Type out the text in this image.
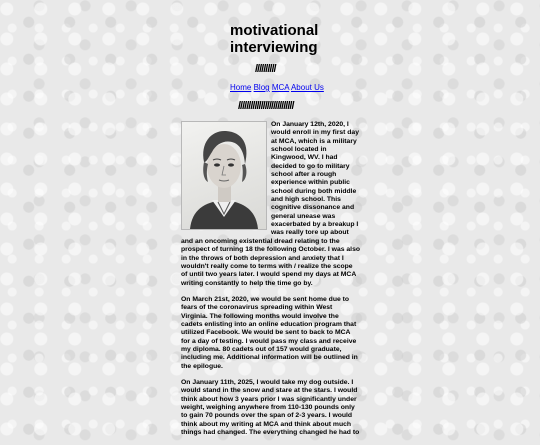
motivational interviewing
//////////
Home Blog MCA About Us
///////////////////////////

On January 12th, 2020, I would enroll in my first day at MCA, which is a military school located in Kingwood, WV. I had decided to go to military school after a rough experience within public school during both middle and high school. This cognitive dissonance and general unease was exacerbated by a breakup I was really tore up about and an oncoming existential dread relating to the prospect of turning 18 the following October. I was also in the throws of both depression and anxiety that I wouldn't really come to terms with / realize the scope of until two years later. I would spend my days at MCA writing constantly to help the time go by.

On March 21st, 2020, we would be sent home due to fears of the coronavirus spreading within West Virginia. The following months would involve the cadets enlisting into an online education program that utilized Facebook. We would be sent to back to MCA for a day of testing. I would pass my class and receive my diploma. 80 cadets out of 157 would graduate, including me. Additional information will be outlined in the epilogue.

On January 11th, 2025, I would take my dog outside. I would stand in the snow and stare at the stars. I would think about how 3 years prior I was significantly under weight, weighing anywhere from 110-130 pounds only to gain 70 pounds over the span of 2-3 years. I would think about my writing at MCA and think about much things had changed. The everything changed he had to
